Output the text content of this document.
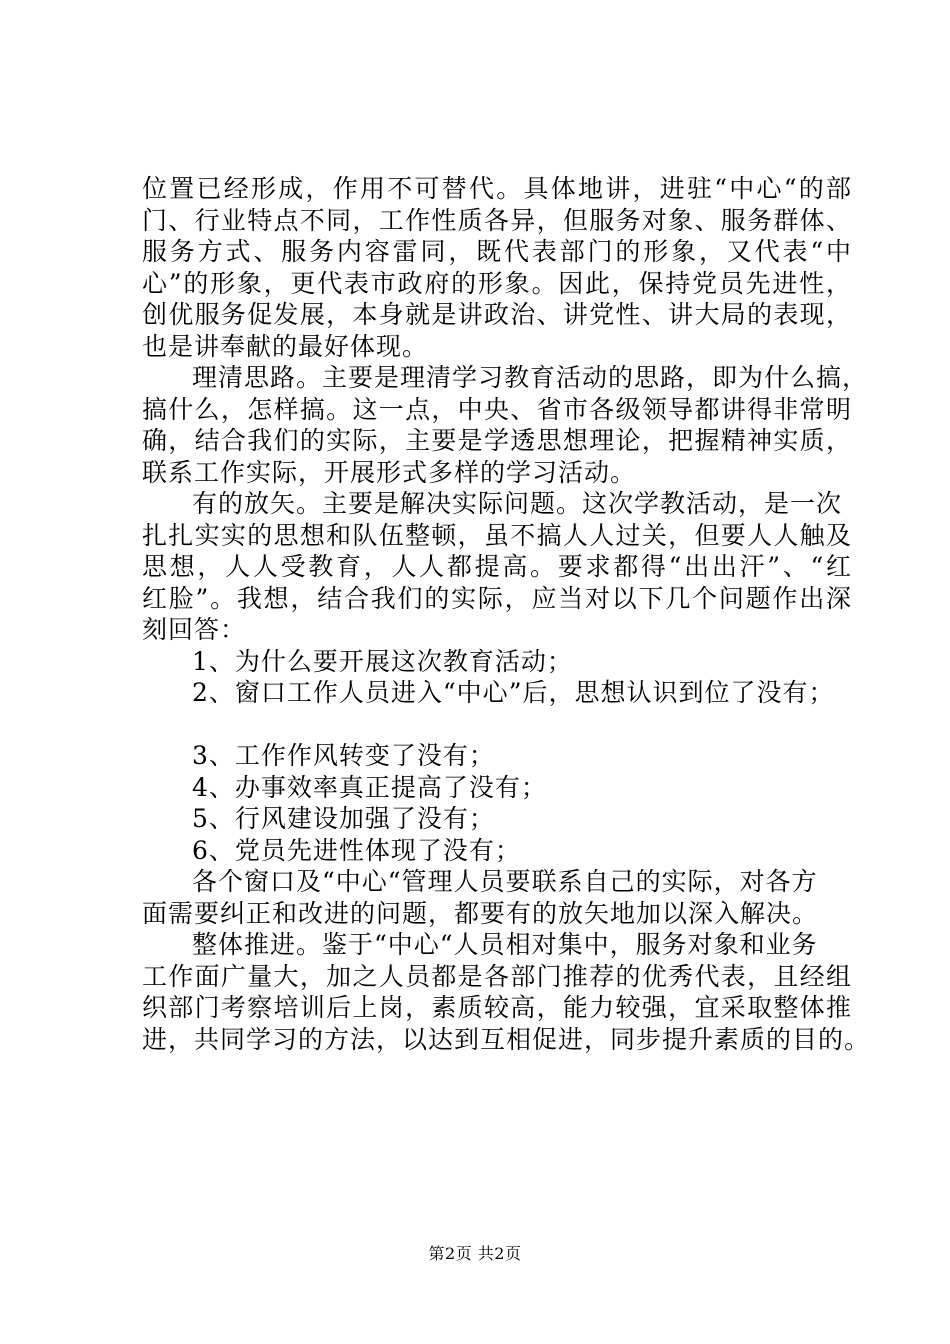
位置已经形成，作用不可替代。具体地讲，进驻“中心“的部
门、行业特点不同，工作性质各异，但服务对象、服务群体、
服务方式、服务内容雷同，既代表部门的形象，又代表“中
心”的形象，更代表市政府的形象。因此，保持党员先进性，
创优服务促发展，本身就是讲政治、讲党性、讲大局的表现，
也是讲奉献的最好体现。
理清思路。主要是理清学习教育活动的思路，即为什么搞，
搞什么，怎样搞。这一点，中央、省市各级领导都讲得非常明
确，结合我们的实际，主要是学透思想理论，把握精神实质，
联系工作实际，开展形式多样的学习活动。
有的放矢。主要是解决实际问题。这次学教活动，是一次
扎扎实实的思想和队伍整顿，虽不搞人人过关，但要人人触及
思想，人人受教育，人人都提高。要求都得“出出汗”、“红
红脸”。我想，结合我们的实际，应当对以下几个问题作出深
刻回答：
1、为什么要开展这次教育活动；
2、窗口工作人员进入“中心”后，思想认识到位了没有；
3、工作作风转变了没有；
4、办事效率真正提高了没有；
5、行风建设加强了没有；
6、党员先进性体现了没有；
各个窗口及“中心“管理人员要联系自己的实际，对各方
面需要纠正和改进的问题，都要有的放矢地加以深入解决。
整体推进。鉴于“中心“人员相对集中，服务对象和业务
工作面广量大，加之人员都是各部门推荐的优秀代表，且经组
织部门考察培训后上岗，素质较高，能力较强，宜采取整体推
进，共同学习的方法，以达到互相促进，同步提升素质的目的。
第2页 共2页
